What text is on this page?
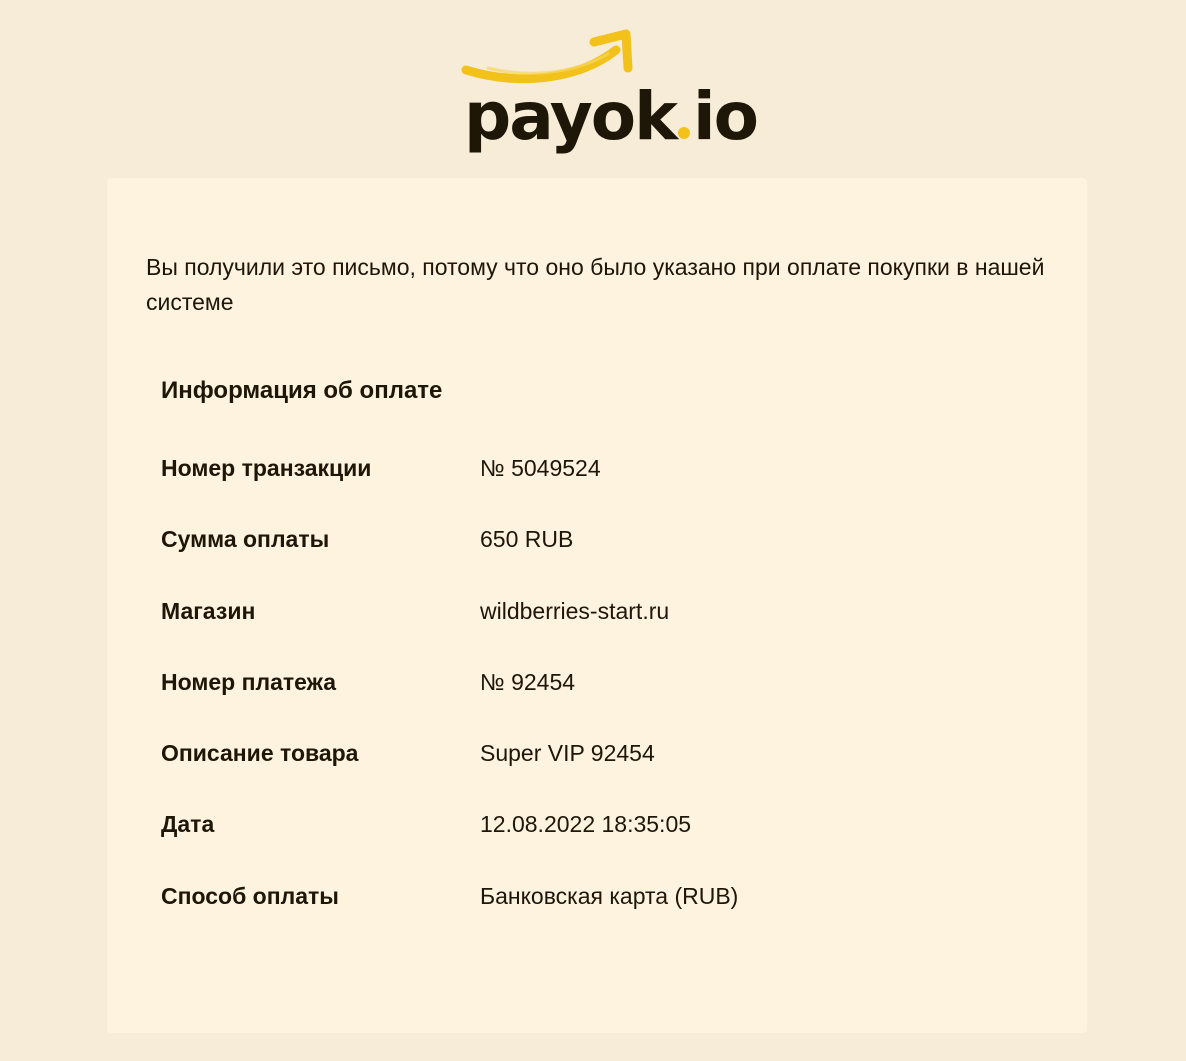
payok io
Вы получили это письмо, потому что оно было указано при оплате покупки в нашей системе
Информация об оплате
Номер транзакции	№ 5049524
Сумма оплаты	650 RUB
Магазин	wildberries-start.ru
Номер платежа	№ 92454
Описание товара	Super VIP 92454
Дата	12.08.2022 18:35:05
Способ оплаты	Банковская карта (RUB)
